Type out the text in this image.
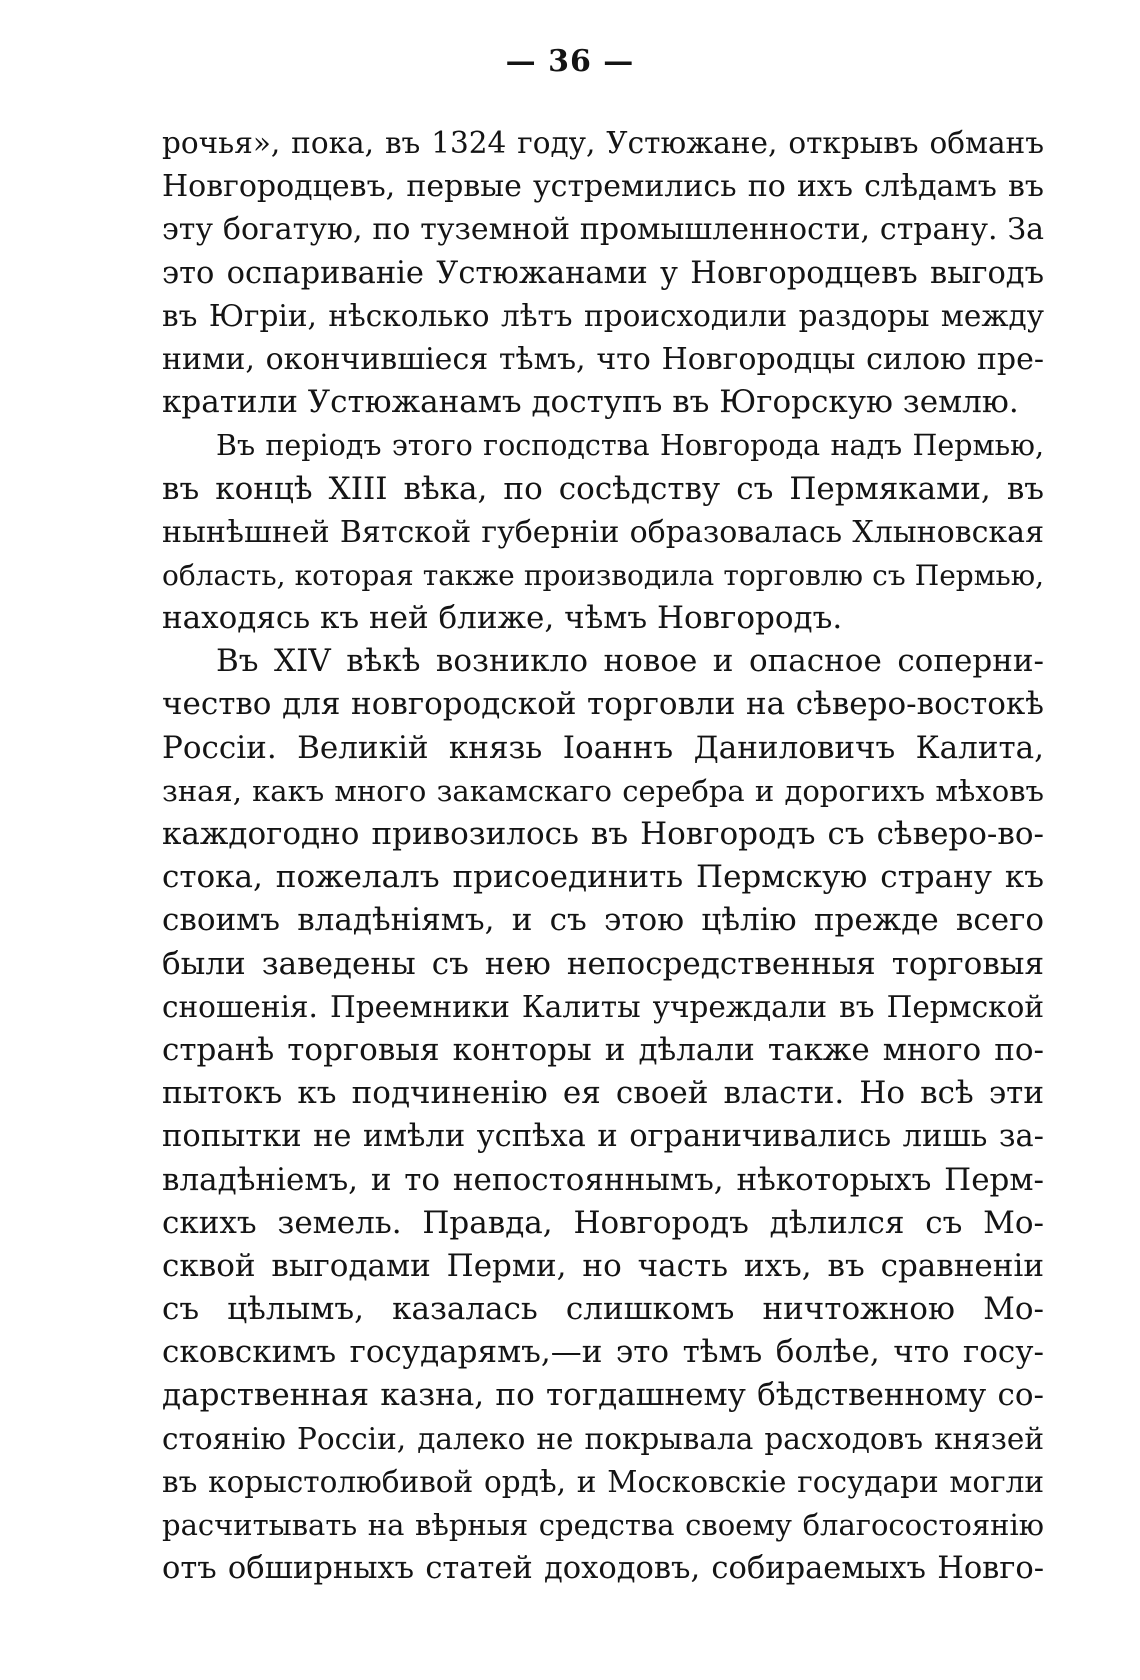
— 36 —
рочья», пока, въ 1324 году, Устюжане, открывъ обманъ
Новгородцевъ, первые устремились по ихъ слѣдамъ въ
эту богатую, по туземной промышленности, страну. За
это оспариваніе Устюжанами у Новгородцевъ выгодъ
въ Югріи, нѣсколько лѣтъ происходили раздоры между
ними, окончившіеся тѣмъ, что Новгородцы силою пре-
кратили Устюжанамъ доступъ въ Югорскую землю.
Въ періодъ этого господства Новгорода надъ Пермью,
въ концѣ XIII вѣка, по сосѣдству съ Пермяками, въ
нынѣшней Вятской губерніи образовалась Хлыновская
область, которая также производила торговлю съ Пермью,
находясь къ ней ближе, чѣмъ Новгородъ.
Въ XIV вѣкѣ возникло новое и опасное соперни-
чество для новгородской торговли на сѣверо-востокѣ
Россіи. Великій князь Іоаннъ Даниловичъ Калита,
зная, какъ много закамскаго серебра и дорогихъ мѣховъ
каждогодно привозилось въ Новгородъ съ сѣверо-во-
стока, пожелалъ присоединить Пермскую страну къ
своимъ владѣніямъ, и съ этою цѣлію прежде всего
были заведены съ нею непосредственныя торговыя
сношенія. Преемники Калиты учреждали въ Пермской
странѣ торговыя конторы и дѣлали также много по-
пытокъ къ подчиненію ея своей власти. Но всѣ эти
попытки не имѣли успѣха и ограничивались лишь за-
владѣніемъ, и то непостояннымъ, нѣкоторыхъ Перм-
скихъ земель. Правда, Новгородъ дѣлился съ Мо-
сквой выгодами Перми, но часть ихъ, въ сравненіи
съ цѣлымъ, казалась слишкомъ ничтожною Мо-
сковскимъ государямъ,—и это тѣмъ болѣе, что госу-
дарственная казна, по тогдашнему бѣдственному со-
стоянію Россіи, далеко не покрывала расходовъ князей
въ корыстолюбивой ордѣ, и Московскіе государи могли
расчитывать на вѣрныя средства своему благосостоянію
отъ обширныхъ статей доходовъ, собираемыхъ Новго-
